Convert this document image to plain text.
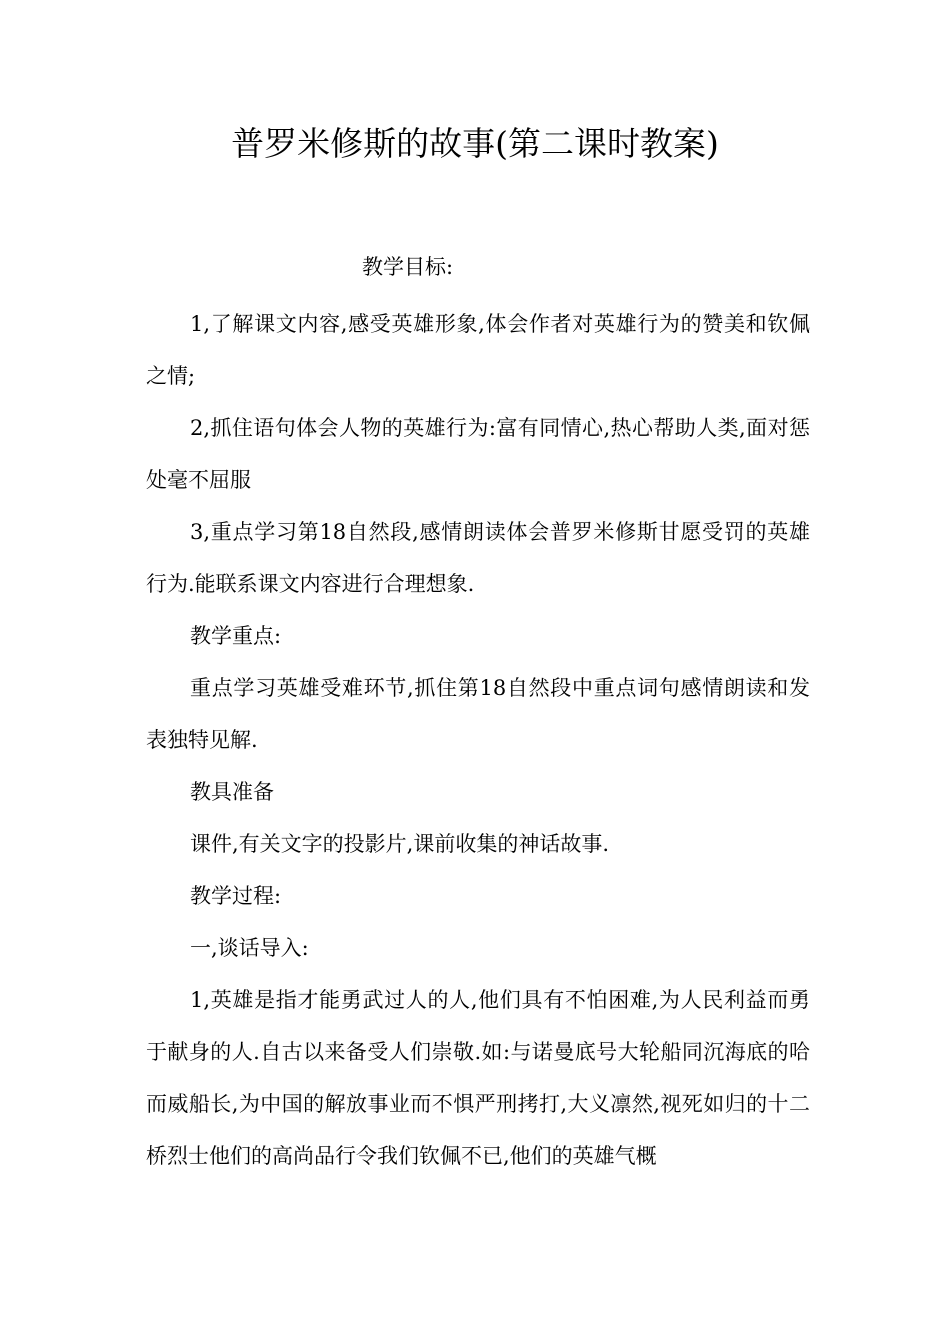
普罗米修斯的故事(第二课时教案)
教学目标:

1,了解课文内容,感受英雄形象,体会作者对英雄行为的赞美和钦佩之情;

2,抓住语句体会人物的英雄行为:富有同情心,热心帮助人类,面对惩处毫不屈服

3,重点学习第18自然段,感情朗读体会普罗米修斯甘愿受罚的英雄行为.能联系课文内容进行合理想象.

教学重点:

重点学习英雄受难环节,抓住第18自然段中重点词句感情朗读和发表独特见解.

教具准备

课件,有关文字的投影片,课前收集的神话故事.

教学过程:

一,谈话导入:

1,英雄是指才能勇武过人的人,他们具有不怕困难,为人民利益而勇于献身的人.自古以来备受人们崇敬.如:与诺曼底号大轮船同沉海底的哈而威船长,为中国的解放事业而不惧严刑拷打,大义凛然,视死如归的十二桥烈士他们的高尚品行令我们钦佩不已,他们的英雄气概
